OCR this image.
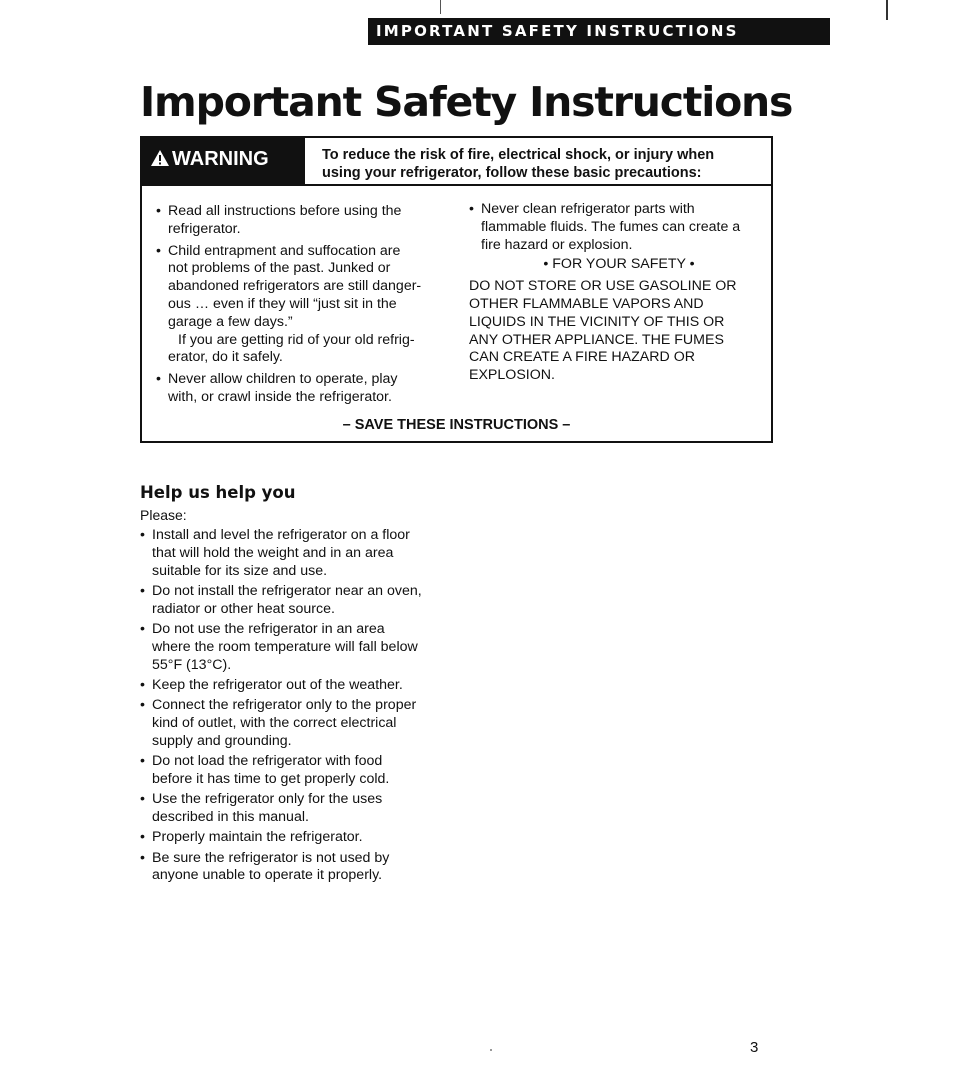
IMPORTANT SAFETY INSTRUCTIONS
Important Safety Instructions
WARNING	To reduce the risk of fire, electrical shock, or injury when
using your refrigerator, follow these basic precautions:
• Read all instructions before using the
refrigerator.
• Child entrapment and suffocation are
not problems of the past. Junked or
abandoned refrigerators are still danger-
ous … even if they will “just sit in the
garage a few days.”
If you are getting rid of your old refrig-
erator, do it safely.
• Never allow children to operate, play
with, or crawl inside the refrigerator.
• Never clean refrigerator parts with
flammable fluids. The fumes can create a
fire hazard or explosion.
• FOR YOUR SAFETY •
DO NOT STORE OR USE GASOLINE OR
OTHER FLAMMABLE VAPORS AND
LIQUIDS IN THE VICINITY OF THIS OR
ANY OTHER APPLIANCE. THE FUMES
CAN CREATE A FIRE HAZARD OR
EXPLOSION.
– SAVE THESE INSTRUCTIONS –
Help us help you
Please:
• Install and level the refrigerator on a floor
that will hold the weight and in an area
suitable for its size and use.
• Do not install the refrigerator near an oven,
radiator or other heat source.
• Do not use the refrigerator in an area
where the room temperature will fall below
55°F (13°C).
• Keep the refrigerator out of the weather.
• Connect the refrigerator only to the proper
kind of outlet, with the correct electrical
supply and grounding.
• Do not load the refrigerator with food
before it has time to get properly cold.
• Use the refrigerator only for the uses
described in this manual.
• Properly maintain the refrigerator.
• Be sure the refrigerator is not used by
anyone unable to operate it properly.
3
